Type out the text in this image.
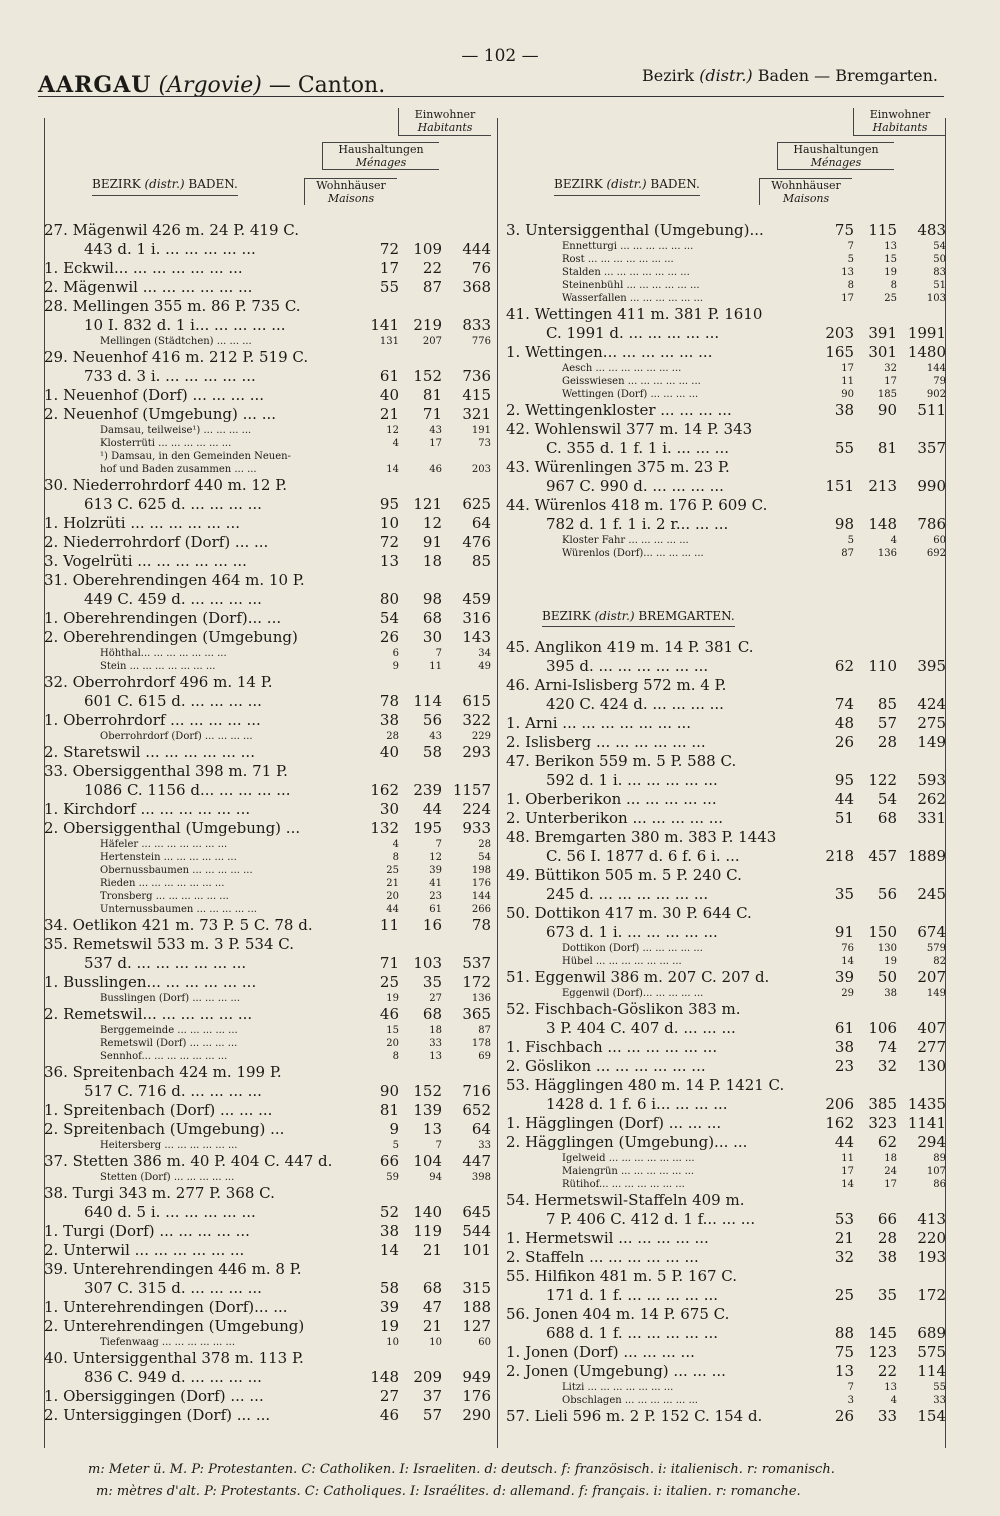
— 102 —
AARGAU (Argovie) — Canton.	Bezirk (distr.) Baden — Bremgarten.
Einwohner
Habitants
Haushaltungen
Ménages
Wohnhäuser
Maisons
BEZIRK (distr.) BADEN.
27. Mägenwil 426 m. 24 P. 419 C.
443 d. 1 i. ... ... ... ... ...	72 109	444
1. Eckwil... ... ... ... ... ... ...	17	22	76
2. Mägenwil ... ... ... ... ... ...	55	87	368
28. Mellingen 355 m. 86 P. 735 C.
10 I. 832 d. 1 i... ... ... ... ...	141 219	833
Mellingen (Städtchen) ... ... ...	131	207	776
29. Neuenhof 416 m. 212 P. 519 C.
733 d. 3 i. ... ... ... ... ...	61 152	736
1. Neuenhof (Dorf) ... ... ... ...	40	81	415
2. Neuenhof (Umgebung) ... ...	21	71	321
Damsau, teilweise¹) ... ... ... ...	12	43	191
Klosterrüti ... ... ... ... ... ...	4	17	73
¹) Damsau, in den Gemeinden Neuen-
hof und Baden zusammen ... ...	14	46	203
30. Niederrohrdorf 440 m. 12 P.
613 C. 625 d. ... ... ... ...	95 121	625
1. Holzrüti ... ... ... ... ... ...	10	12	64
2. Niederrohrdorf (Dorf) ... ...	72	91	476
3. Vogelrüti ... ... ... ... ... ...	13	18	85
31. Oberehrendingen 464 m. 10 P.
449 C. 459 d. ... ... ... ...	80	98	459
1. Oberehrendingen (Dorf)... ...	54	68	316
2. Oberehrendingen (Umgebung)	26	30	143
Höhthal... ... ... ... ... ... ...	6	7	34
Stein ... ... ... ... ... ... ...	9	11	49
32. Oberrohrdorf 496 m. 14 P.
601 C. 615 d. ... ... ... ...	78 114	615
1. Oberrohrdorf ... ... ... ... ...	38	56	322
Oberrohrdorf (Dorf) ... ... ... ...	28	43	229
2. Staretswil ... ... ... ... ... ...	40	58	293
33. Obersiggenthal 398 m. 71 P.
1086 C. 1156 d... ... ... ... ...	162 239 1157
1. Kirchdorf ... ... ... ... ... ...	30	44	224
2. Obersiggenthal (Umgebung) ...	132 195	933
Häfeler ... ... ... ... ... ... ...	4	7	28
Hertenstein ... ... ... ... ... ...	8	12	54
Obernussbaumen ... ... ... ... ...	25	39	198
Rieden ... ... ... ... ... ... ...	21	41	176
Tronsberg ... ... ... ... ... ...	20	23	144
Unternussbaumen ... ... ... ... ...	44	61	266
34. Oetlikon 421 m. 73 P. 5 C. 78 d.	11	16	78
35. Remetswil 533 m. 3 P. 534 C.
537 d. ... ... ... ... ... ...	71 103	537
1. Busslingen... ... ... ... ... ...	25	35	172
Busslingen (Dorf) ... ... ... ...	19	27	136
2. Remetswil... ... ... ... ... ...	46	68	365
Berggemeinde ... ... ... ... ...	15	18	87
Remetswil (Dorf) ... ... ... ...	20	33	178
Sennhof... ... ... ... ... ... ...	8	13	69
36. Spreitenbach 424 m. 199 P.
517 C. 716 d. ... ... ... ...	90 152	716
1. Spreitenbach (Dorf) ... ... ...	81 139	652
2. Spreitenbach (Umgebung) ...	9	13	64
Heitersberg ... ... ... ... ... ...	5	7	33
37. Stetten 386 m. 40 P. 404 C. 447 d.	66 104	447
Stetten (Dorf) ... ... ... ... ...	59	94	398
38. Turgi 343 m. 277 P. 368 C.
640 d. 5 i. ... ... ... ... ...	52 140	645
1. Turgi (Dorf) ... ... ... ... ...	38 119	544
2. Unterwil ... ... ... ... ... ...	14	21	101
39. Unterehrendingen 446 m. 8 P.
307 C. 315 d. ... ... ... ...	58	68	315
1. Unterehrendingen (Dorf)... ...	39	47	188
2. Unterehrendingen (Umgebung)	19	21	127
Tiefenwaag ... ... ... ... ... ...	10	10	60
40. Untersiggenthal 378 m. 113 P.
836 C. 949 d. ... ... ... ...	148 209	949
1. Obersiggingen (Dorf) ... ...	27	37	176
2. Untersiggingen (Dorf) ... ...	46	57	290
Einwohner
Habitants
Haushaltungen
Ménages
Wohnhäuser
Maisons
BEZIRK (distr.) BADEN.
3. Untersiggenthal (Umgebung)...	75 115	483
Ennetturgi ... ... ... ... ... ...	7	13	54
Rost ... ... ... ... ... ... ...	5	15	50
Stalden ... ... ... ... ... ... ...	13	19	83
Steinenbühl ... ... ... ... ... ...	8	8	51
Wasserfallen ... ... ... ... ... ...	17	25	103
41. Wettingen 411 m. 381 P. 1610
C. 1991 d. ... ... ... ... ...	203 391 1991
1. Wettingen... ... ... ... ... ...	165 301 1480
Aesch ... ... ... ... ... ... ...	17	32	144
Geisswiesen ... ... ... ... ... ...	11	17	79
Wettingen (Dorf) ... ... ... ...	90	185	902
2. Wettingenkloster ... ... ... ...	38	90	511
42. Wohlenswil 377 m. 14 P. 343
C. 355 d. 1 f. 1 i. ... ... ...	55	81	357
43. Würenlingen 375 m. 23 P.
967 C. 990 d. ... ... ... ...	151 213	990
44. Würenlos 418 m. 176 P. 609 C.
782 d. 1 f. 1 i. 2 r... ... ...	98 148	786
Kloster Fahr ... ... ... ... ...	5	4	60
Würenlos (Dorf)... ... ... ... ...	87	136	692
BEZIRK (distr.) BREMGARTEN.
45. Anglikon 419 m. 14 P. 381 C.
395 d. ... ... ... ... ... ...	62 110	395
46. Arni-Islisberg 572 m. 4 P.
420 C. 424 d. ... ... ... ...	74	85	424
1. Arni ... ... ... ... ... ... ...	48	57	275
2. Islisberg ... ... ... ... ... ...	26	28	149
47. Berikon 559 m. 5 P. 588 C.
592 d. 1 i. ... ... ... ... ...	95 122	593
1. Oberberikon ... ... ... ... ...	44	54	262
2. Unterberikon ... ... ... ... ...	51	68	331
48. Bremgarten 380 m. 383 P. 1443
C. 56 I. 1877 d. 6 f. 6 i. ...	218 457 1889
49. Büttikon 505 m. 5 P. 240 C.
245 d. ... ... ... ... ... ...	35	56	245
50. Dottikon 417 m. 30 P. 644 C.
673 d. 1 i. ... ... ... ... ...	91 150	674
Dottikon (Dorf) ... ... ... ... ...	76	130	579
Hübel ... ... ... ... ... ... ...	14	19	82
51. Eggenwil 386 m. 207 C. 207 d.	39	50	207
Eggenwil (Dorf)... ... ... ... ...	29	38	149
52. Fischbach-Göslikon 383 m.
3 P. 404 C. 407 d. ... ... ...	61 106	407
1. Fischbach ... ... ... ... ... ...	38	74	277
2. Göslikon ... ... ... ... ... ...	23	32	130
53. Hägglingen 480 m. 14 P. 1421 C.
1428 d. 1 f. 6 i... ... ... ...	206 385 1435
1. Hägglingen (Dorf) ... ... ...	162 323 1141
2. Hägglingen (Umgebung)... ...	44	62	294
Igelweid ... ... ... ... ... ... ...	11	18	89
Maiengrün ... ... ... ... ... ...	17	24	107
Rütihof... ... ... ... ... ... ...	14	17	86
54. Hermetswil-Staffeln 409 m.
7 P. 406 C. 412 d. 1 f... ... ...	53	66	413
1. Hermetswil ... ... ... ... ...	21	28	220
2. Staffeln ... ... ... ... ... ...	32	38	193
55. Hilfikon 481 m. 5 P. 167 C.
171 d. 1 f. ... ... ... ... ...	25	35	172
56. Jonen 404 m. 14 P. 675 C.
688 d. 1 f. ... ... ... ... ...	88 145	689
1. Jonen (Dorf) ... ... ... ...	75 123	575
2. Jonen (Umgebung) ... ... ...	13	22	114
Litzi ... ... ... ... ... ... ...	7	13	55
Obschlagen ... ... ... ... ... ...	3	4	33
57. Lieli 596 m. 2 P. 152 C. 154 d.	26	33	154
m: Meter ü. M. P: Protestanten. C: Catholiken. I: Israeliten. d: deutsch. f: französisch. i: italienisch. r: romanisch.
m: mètres d'alt. P: Protestants. C: Catholiques. I: Israélites. d: allemand. f: français. i: italien. r: romanche.
